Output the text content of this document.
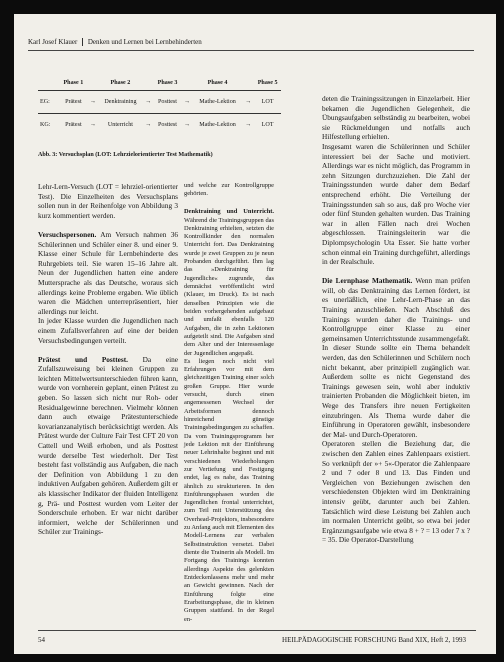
Karl Josef Klauer Denken und Lernen bei Lernbehinderten
	Phase 1		Phase 2		Phase 3		Phase 4		Phase 5
EG:	Prätest	→	Denktraining	→	Posttest	→	Mathe-Lektion	→	LOT
KG:	Prätest	→	Unterricht	→	Posttest	→	Mathe-Lektion	→	LOT
Abb. 3: Versuchsplan (LOT: Lehrzielorientierter Test Mathematik)

Lehr-Lern-Versuch (LOT = lehrziel-orientierter Test). Die Einzelheiten des Versuchsplans sollen nun in der Reihenfolge von Abbildung 3 kurz kommentiert werden.

Versuchspersonen. Am Versuch nahmen 36 Schülerinnen und Schüler einer 8. und einer 9. Klasse einer Schule für Lernbehinderte des Ruhrgebiets teil. Sie waren 15–16 Jahre alt. Neun der Jugendlichen hatten eine andere Muttersprache als das Deutsche, woraus sich allerdings keine Probleme ergaben. Wie üblich waren die Mädchen unterrepräsentiert, hier allerdings nur leicht.

In jeder Klasse wurden die Jugendlichen nach einem Zufallsverfahren auf eine der beiden Versuchsbedingungen verteilt.

Prätest und Posttest. Da eine Zufallszuweisung bei kleinen Gruppen zu leichten Mittelwertsunterschieden führen kann, wurde von vornherein geplant, einen Prätest zu geben. So lassen sich nicht nur Roh- oder Residualgewinne berechnen. Vielmehr können dann auch etwaige Prätestunterschiede kovarianzanalytisch berücksichtigt werden. Als Prätest wurde der Culture Fair Test CFT 20 von Cattell und Weiß erhoben, und als Posttest wurde derselbe Test wiederholt. Der Test besteht fast vollständig aus Aufgaben, die nach der Definition von Abbildung 1 zu den induktiven Aufgaben gehören. Außerdem gilt er als klassischer Indikator der fluiden Intelligenz g, Prä- und Posttest wurden vom Leiter der Sonderschule erhoben. Er war nicht darüber informiert, welche der Schülerinnen und Schüler zur Trainings-

und welche zur Kontrollgruppe gehörten.

Denktraining und Unterricht. Während die Trainingsgruppen das Denktraining erhielten, setzten die Kontrollkinder den normalen Unterricht fort. Das Denktraining wurde je zwei Gruppen zu je neun Probanden durchgeführt. Ihm lag das »Denktraining für Jugendliche« zugrunde, das demnächst veröffentlicht wird (Klauer, im Druck). Es ist nach denselben Prinzipien wie die beiden vorhergehenden aufgebaut und umfaßt ebenfalls 120 Aufgaben, die in zehn Lektionen aufgeteilt sind. Die Aufgaben sind dem Alter und der Interessenlage der Jugendlichen angepaßt.

Es liegen noch nicht viel Erfahrungen vor mit dem gleichzeitigen Training einer solch großen Gruppe. Hier wurde versucht, durch einen angemessenen Wechsel der Arbeitsformen dennoch hinreichend günstige Trainingsbedingungen zu schaffen. Da vom Trainingsprogramm her jede Lektion mit der Einführung neuer Lehrinhalte beginnt und mit verschiedenen Wiederholungen zur Vertiefung und Festigung endet, lag es nahe, das Training ähnlich zu strukturieren. In den Einführungsphasen wurden die Jugendlichen frontal unterrichtet, zum Teil mit Unterstützung des Overhead-Projektors, insbesondere zu Anfang auch mit Elementen des Modell-Lernens zur verbalen Selbstinstruktion versetzt. Dabei diente die Trainerin als Modell. Im Fortgang des Trainings konnten allerdings Aspekte des gelenkten Entdeckenlassens mehr und mehr an Gewicht gewinnen. Nach der Einführung folgte eine Erarbeitungsphase, die in kleinen Gruppen stattfand. In der Regel en-

deten die Trainingssitzungen in Einzelarbeit. Hier bekamen die Jugendlichen Gelegenheit, die Übungsaufgaben selbständig zu bearbeiten, wobei sie Rückmeldungen und notfalls auch Hilfestellung erhielten.

Insgesamt waren die Schülerinnen und Schüler interessiert bei der Sache und motiviert. Allerdings war es nicht möglich, das Programm in zehn Sitzungen durchzuziehen. Die Zahl der Trainingsstunden wurde daher dem Bedarf entsprechend erhöht. Die Verteilung der Trainingsstunden sah so aus, daß pro Woche vier oder fünf Stunden gehalten wurden. Das Training war in allen Fällen nach drei Wochen abgeschlossen. Trainingsleiterin war die Diplompsychologin Uta Esser. Sie hatte vorher schon einmal ein Training durchgeführt, allerdings in der Realschule.

Die Lernphase Mathematik. Wenn man prüfen will, ob das Denktraining das Lernen fördert, ist es unerläßlich, eine Lehr-Lern-Phase an das Training anzuschließen. Nach Abschluß des Trainings wurden daher die Trainings- und Kontrollgruppe einer Klasse zu einer gemeinsamen Unterrichtsstunde zusammengefaßt. In dieser Stunde sollte ein Thema behandelt werden, das den Schülerinnen und Schülern noch nicht bekannt, aber prinzipiell zugänglich war. Außerdem sollte es nicht Gegenstand des Trainings gewesen sein, wohl aber induktiv trainierten Probanden die Möglichkeit bieten, im Wege des Transfers ihre neuen Fertigkeiten einzubringen. Als Thema wurde daher die Einführung in Operatoren gewählt, insbesondere der Mal- und Durch-Operatoren.

Operatoren stellen die Beziehung dar, die zwischen den Zahlen eines Zahlenpaars existiert. So verknüpft der »+ 5«-Operator die Zahlenpaare 2 und 7 oder 8 und 13. Das Finden und Vergleichen von Beziehungen zwischen den verschiedensten Objekten wird im Denktraining intensiv geübt, darunter auch bei Zahlen. Tatsächlich wird diese Leistung bei Zahlen auch im normalen Unterricht geübt, so etwa bei jeder Ergänzungsaufgabe wie etwa 8 + ? = 13 oder 7 x ? = 35. Die Operator-Darstellung

54	HEILPÄDAGOGISCHE FORSCHUNG Band XIX, Heft 2, 1993
